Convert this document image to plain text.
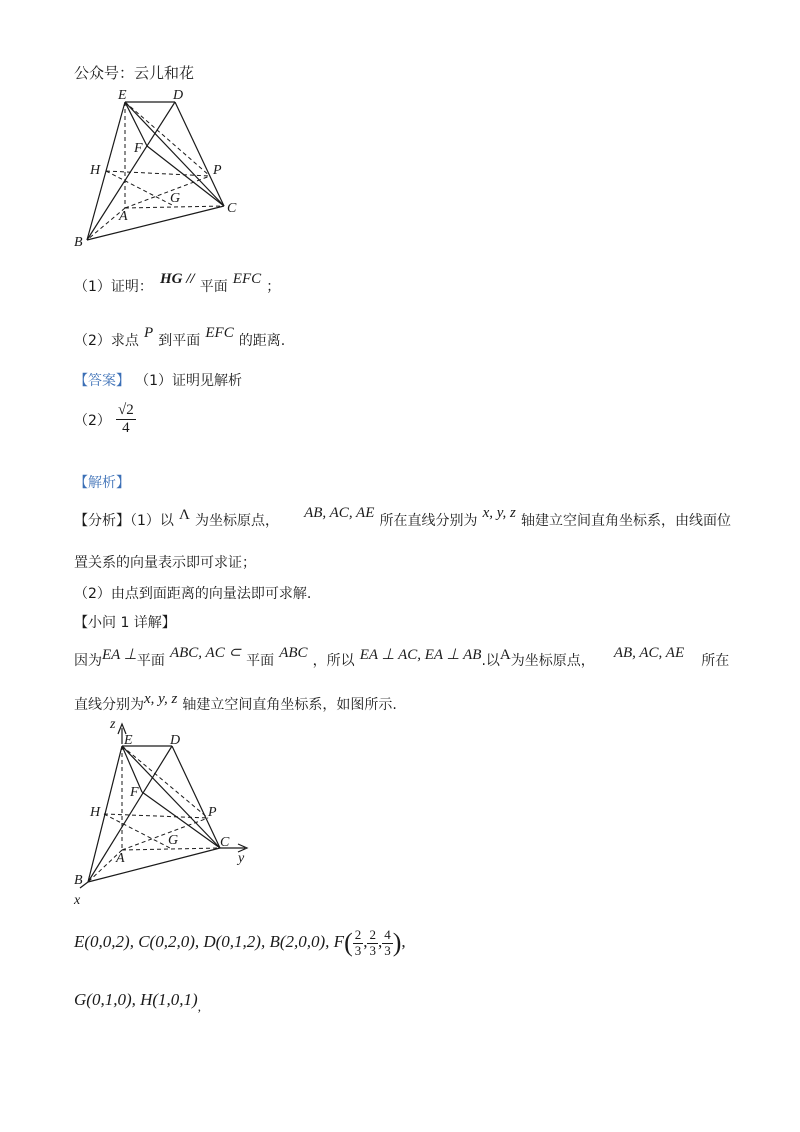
公众号：云儿和花
E	D
F
H	P
G
A
C
B
（1）证明： HG // 平面 EFC ；
（2）求点 P 到平面 EFC 的距离.
【答案】 （1）证明见解析
$(2) \frac{√2}{4}$
【解析】
【分析】（1）以 Λ 为坐标原点， AB, AC, AE 所在直线分别为 x, y, z 轴建立空间直角坐标系，由线面位
置关系的向量表示即可求证；
（2）由点到面距离的向量法即可求解.
【小问 1 详解】
因为EA ⊥平面 ABC, AC ⊂ 平面 ABC ，所以 EA ⊥ AC, EA ⊥ AB.以A为坐标原点， AB, AC, AE 所在
直线分别为x, y, z 轴建立空间直角坐标系，如图所示.
z
E	D
F
H	P
G
A
C
y
B
x
E(0,0,2), C(0,2,0), D(0,1,2), B(2,0,0), $F( \frac{2}{3}$ , $\frac{2}{3}$ , $\frac{4}{3}$ ),
G(0,1,0), $H(1,0,1)_,$
